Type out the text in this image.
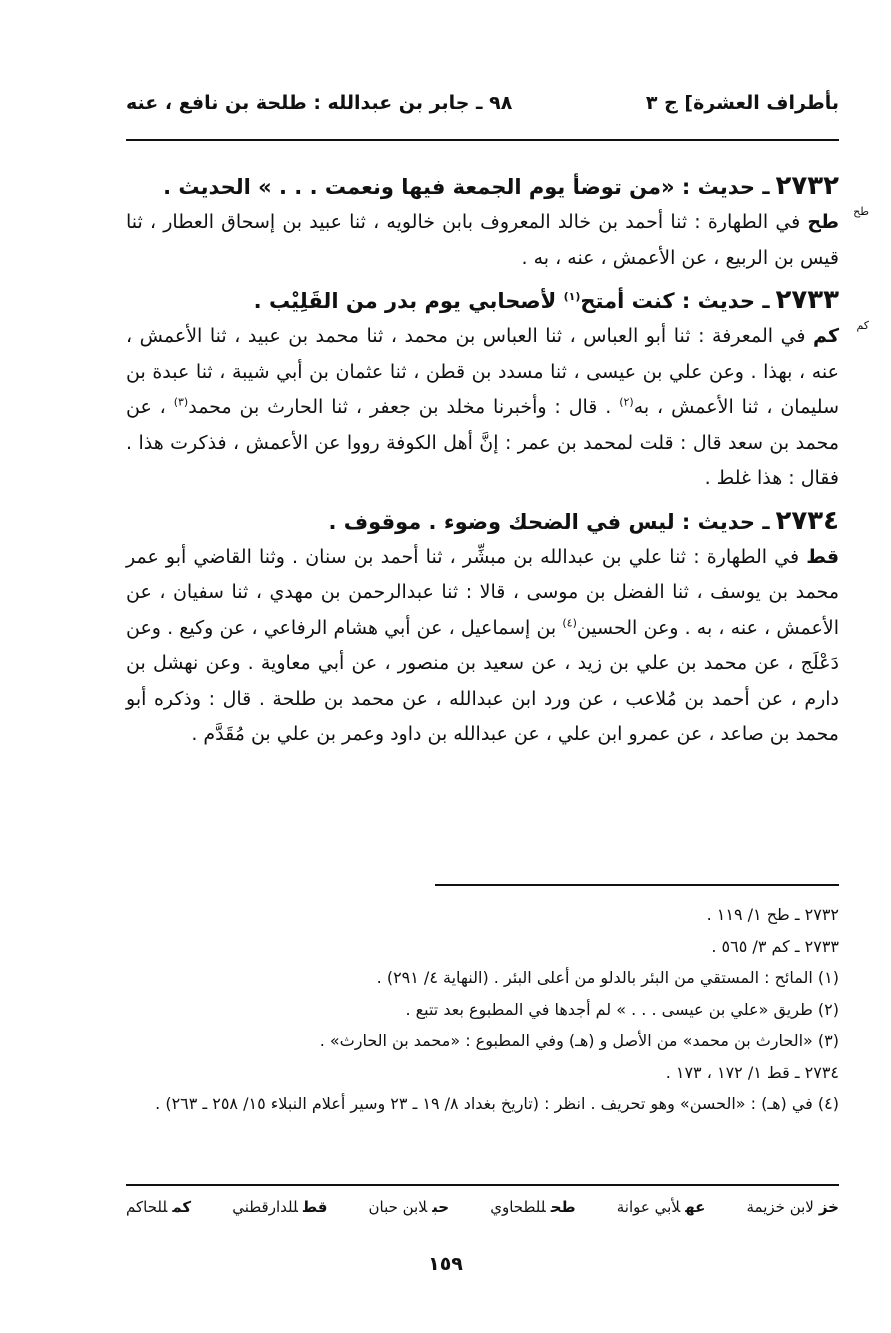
بأطراف العشرة] ج ٣
٩٨ ـ جابر بن عبدالله : طلحة بن نافع ، عنه
٢٧٣٢ـ حديث : «من توضأ يوم الجمعة فيها ونعمت . . . » الحديث .
طح

طح في الطهارة : ثنا أحمد بن خالد المعروف بابن خالويه ، ثنا عبيد بن إسحاق العطار ، ثنا قيس بن الربيع ، عن الأعمش ، عنه ، به .

٢٧٣٣ـ حديث : كنت أمتح$^{(١)}$ لأصحابي يوم بدر من القَلِيْب .
كم

كم في المعرفة : ثنا أبو العباس ، ثنا العباس بن محمد ، ثنا محمد بن عبيد ، ثنا الأعمش ، عنه ، بهذا . وعن علي بن عيسى ، ثنا مسدد بن قطن ، ثنا عثمان بن أبي شيبة ، ثنا عبدة بن سليمان ، ثنا الأعمش ، به$^{(٢)}$ . قال : وأخبرنا مخلد بن جعفر ، ثنا الحارث بن محمد$^{(٣)}$ ، عن محمد بن سعد قال : قلت لمحمد بن عمر : إنَّ أهل الكوفة رووا عن الأعمش ، فذكرت هذا . فقال : هذا غلط .

٢٧٣٤ـ حديث : ليس في الضحك وضوء . موقوف .

قط في الطهارة : ثنا علي بن عبدالله بن مبشِّر ، ثنا أحمد بن سنان . وثنا القاضي أبو عمر محمد بن يوسف ، ثنا الفضل بن موسى ، قالا : ثنا عبدالرحمن بن مهدي ، ثنا سفيان ، عن الأعمش ، عنه ، به . وعن الحسين$^{(٤)}$ بن إسماعيل ، عن أبي هشام الرفاعي ، عن وكيع . وعن دَعْلَج ، عن محمد بن علي بن زيد ، عن سعيد بن منصور ، عن أبي معاوية . وعن نهشل بن دارم ، عن أحمد بن مُلاعب ، عن ورد ابن عبدالله ، عن محمد بن طلحة . قال : وذكره أبو محمد بن صاعد ، عن عمرو ابن علي ، عن عبدالله بن داود وعمر بن علي بن مُقَدَّم .

٢٧٣٢ ـ طح ١/ ١١٩ .
٢٧٣٣ ـ كم ٣/ ٥٦٥ .
(١) المائح : المستقي من البئر بالدلو من أعلى البئر . (النهاية ٤/ ٢٩١) .
(٢) طريق «علي بن عيسى . . . » لم أجدها في المطبوع بعد تتبع .
(٣) «الحارث بن محمد» من الأصل و (هـ) وفي المطبوع : «محمد بن الحارث» .
٢٧٣٤ ـ قط ١/ ١٧٢ ، ١٧٣ .
(٤) في (هـ) : «الحسن» وهو تحريف . انظر : (تاريخ بغداد ٨/ ١٩ ـ ٢٣ وسير أعلام النبلاء ١٥/ ٢٥٨ ـ ٢٦٣) .
خزلابن خزيمة
عهلأبي عوانة
طحللطحاوي
حبلابن حبان
قطللدارقطني
كمللحاكم
١٥٩
